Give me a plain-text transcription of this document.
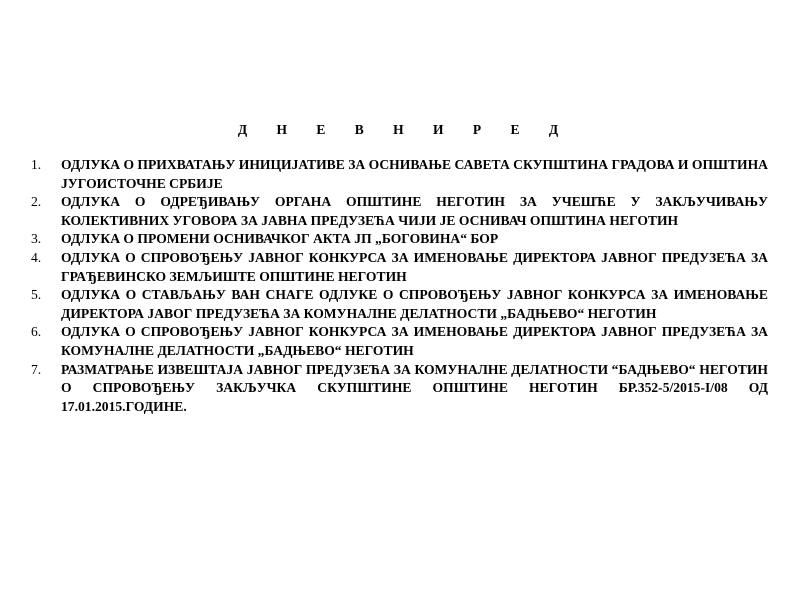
Д Н Е В Н И Р Е Д
1. ОДЛУКА О ПРИХВАТАЊУ ИНИЦИЈАТИВЕ ЗА ОСНИВАЊЕ САВЕТА СКУПШТИНА ГРАДОВА И ОПШТИНА ЈУГОИСТОЧНЕ СРБИЈЕ
2. ОДЛУКА О ОДРЕЂИВАЊУ ОРГАНА ОПШТИНЕ НЕГОТИН ЗА УЧЕШЋЕ У ЗАКЉУЧИВАЊУ КОЛЕКТИВНИХ УГОВОРА ЗА ЈАВНА ПРЕДУЗЕЋА ЧИЈИ ЈЕ ОСНИВАЧ ОПШТИНА НЕГОТИН
3. ОДЛУКА О ПРОМЕНИ ОСНИВАЧКОГ АКТА ЈП „БОГОВИНА“ БОР
4. ОДЛУКА О СПРОВОЂЕЊУ ЈАВНОГ КОНКУРСА ЗА ИМЕНОВАЊЕ ДИРЕКТОРА ЈАВНОГ ПРЕДУЗЕЋА ЗА ГРАЂЕВИНСКО ЗЕМЉИШТЕ ОПШТИНЕ НЕГОТИН
5. ОДЛУКА О СТАВЉАЊУ ВАН СНАГЕ ОДЛУКЕ О СПРОВОЂЕЊУ ЈАВНОГ КОНКУРСА ЗА ИМЕНОВАЊЕ ДИРЕКТОРА ЈАВОГ ПРЕДУЗЕЋА ЗА КОМУНАЛНЕ ДЕЛАТНОСТИ „БАДЊЕВО“ НЕГОТИН
6. ОДЛУКА О СПРОВОЂЕЊУ ЈАВНОГ КОНКУРСА ЗА ИМЕНОВАЊЕ ДИРЕКТОРА ЈАВНОГ ПРЕДУЗЕЋА ЗА КОМУНАЛНЕ ДЕЛАТНОСТИ „БАДЊЕВО“ НЕГОТИН
7. РАЗМАТРАЊЕ ИЗВЕШТАЈА ЈАВНОГ ПРЕДУЗЕЋА ЗА КОМУНАЛНЕ ДЕЛАТНОСТИ “БАДЊЕВО“ НЕГОТИН О СПРОВОЂЕЊУ ЗАКЉУЧКА СКУПШТИНЕ ОПШТИНЕ НЕГОТИН БР.352-5/2015-I/08 ОД 17.01.2015.ГОДИНЕ.
